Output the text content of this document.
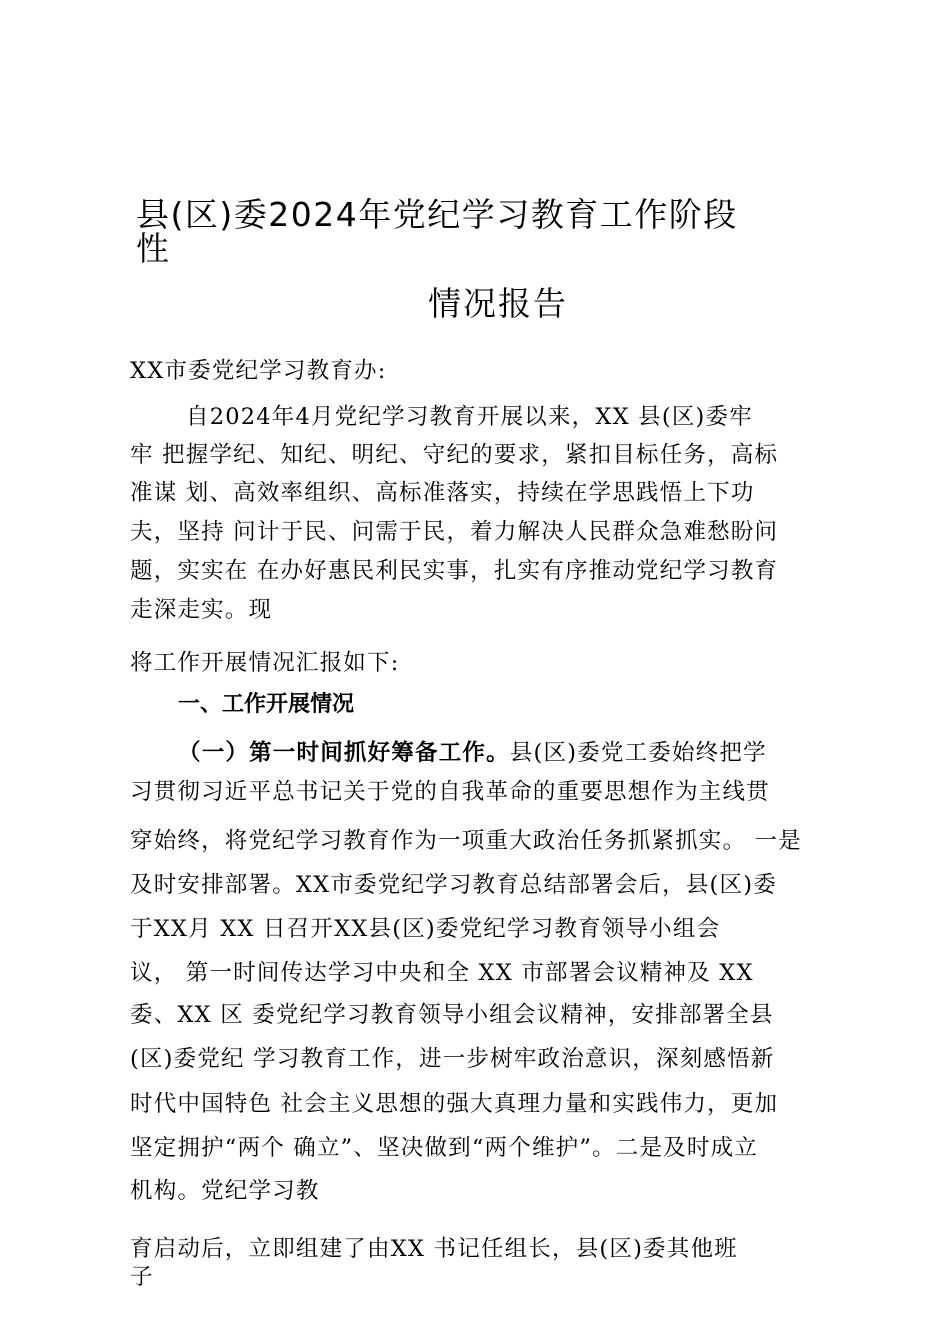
县(区)委2024年党纪学习教育工作阶段
性
情况报告
XX市委党纪学习教育办:
自2024年4月党纪学习教育开展以来，XX 县(区)委牢
牢 把握学纪、知纪、明纪、守纪的要求，紧扣目标任务，高标
准谋 划、高效率组织、高标准落实，持续在学思践悟上下功
夫，坚持 问计于民、问需于民，着力解决人民群众急难愁盼问
题，实实在 在办好惠民利民实事，扎实有序推动党纪学习教育
走深走实。现
将工作开展情况汇报如下:
一、工作开展情况
（一）第一时间抓好筹备工作。县(区)委党工委始终把学
习贯彻习近平总书记关于党的自我革命的重要思想作为主线贯
穿始终，将党纪学习教育作为一项重大政治任务抓紧抓实。 一是
及时安排部署。XX市委党纪学习教育总结部署会后，县(区)委
于XX月 XX 日召开XX县(区)委党纪学习教育领导小组会
议， 第一时间传达学习中央和全 XX 市部署会议精神及 XX
委、XX 区 委党纪学习教育领导小组会议精神，安排部署全县
(区)委党纪 学习教育工作，进一步树牢政治意识，深刻感悟新
时代中国特色 社会主义思想的强大真理力量和实践伟力，更加
坚定拥护“两个 确立”、坚决做到“两个维护”。二是及时成立
机构。党纪学习教
育启动后，立即组建了由XX 书记任组长，县(区)委其他班
子
